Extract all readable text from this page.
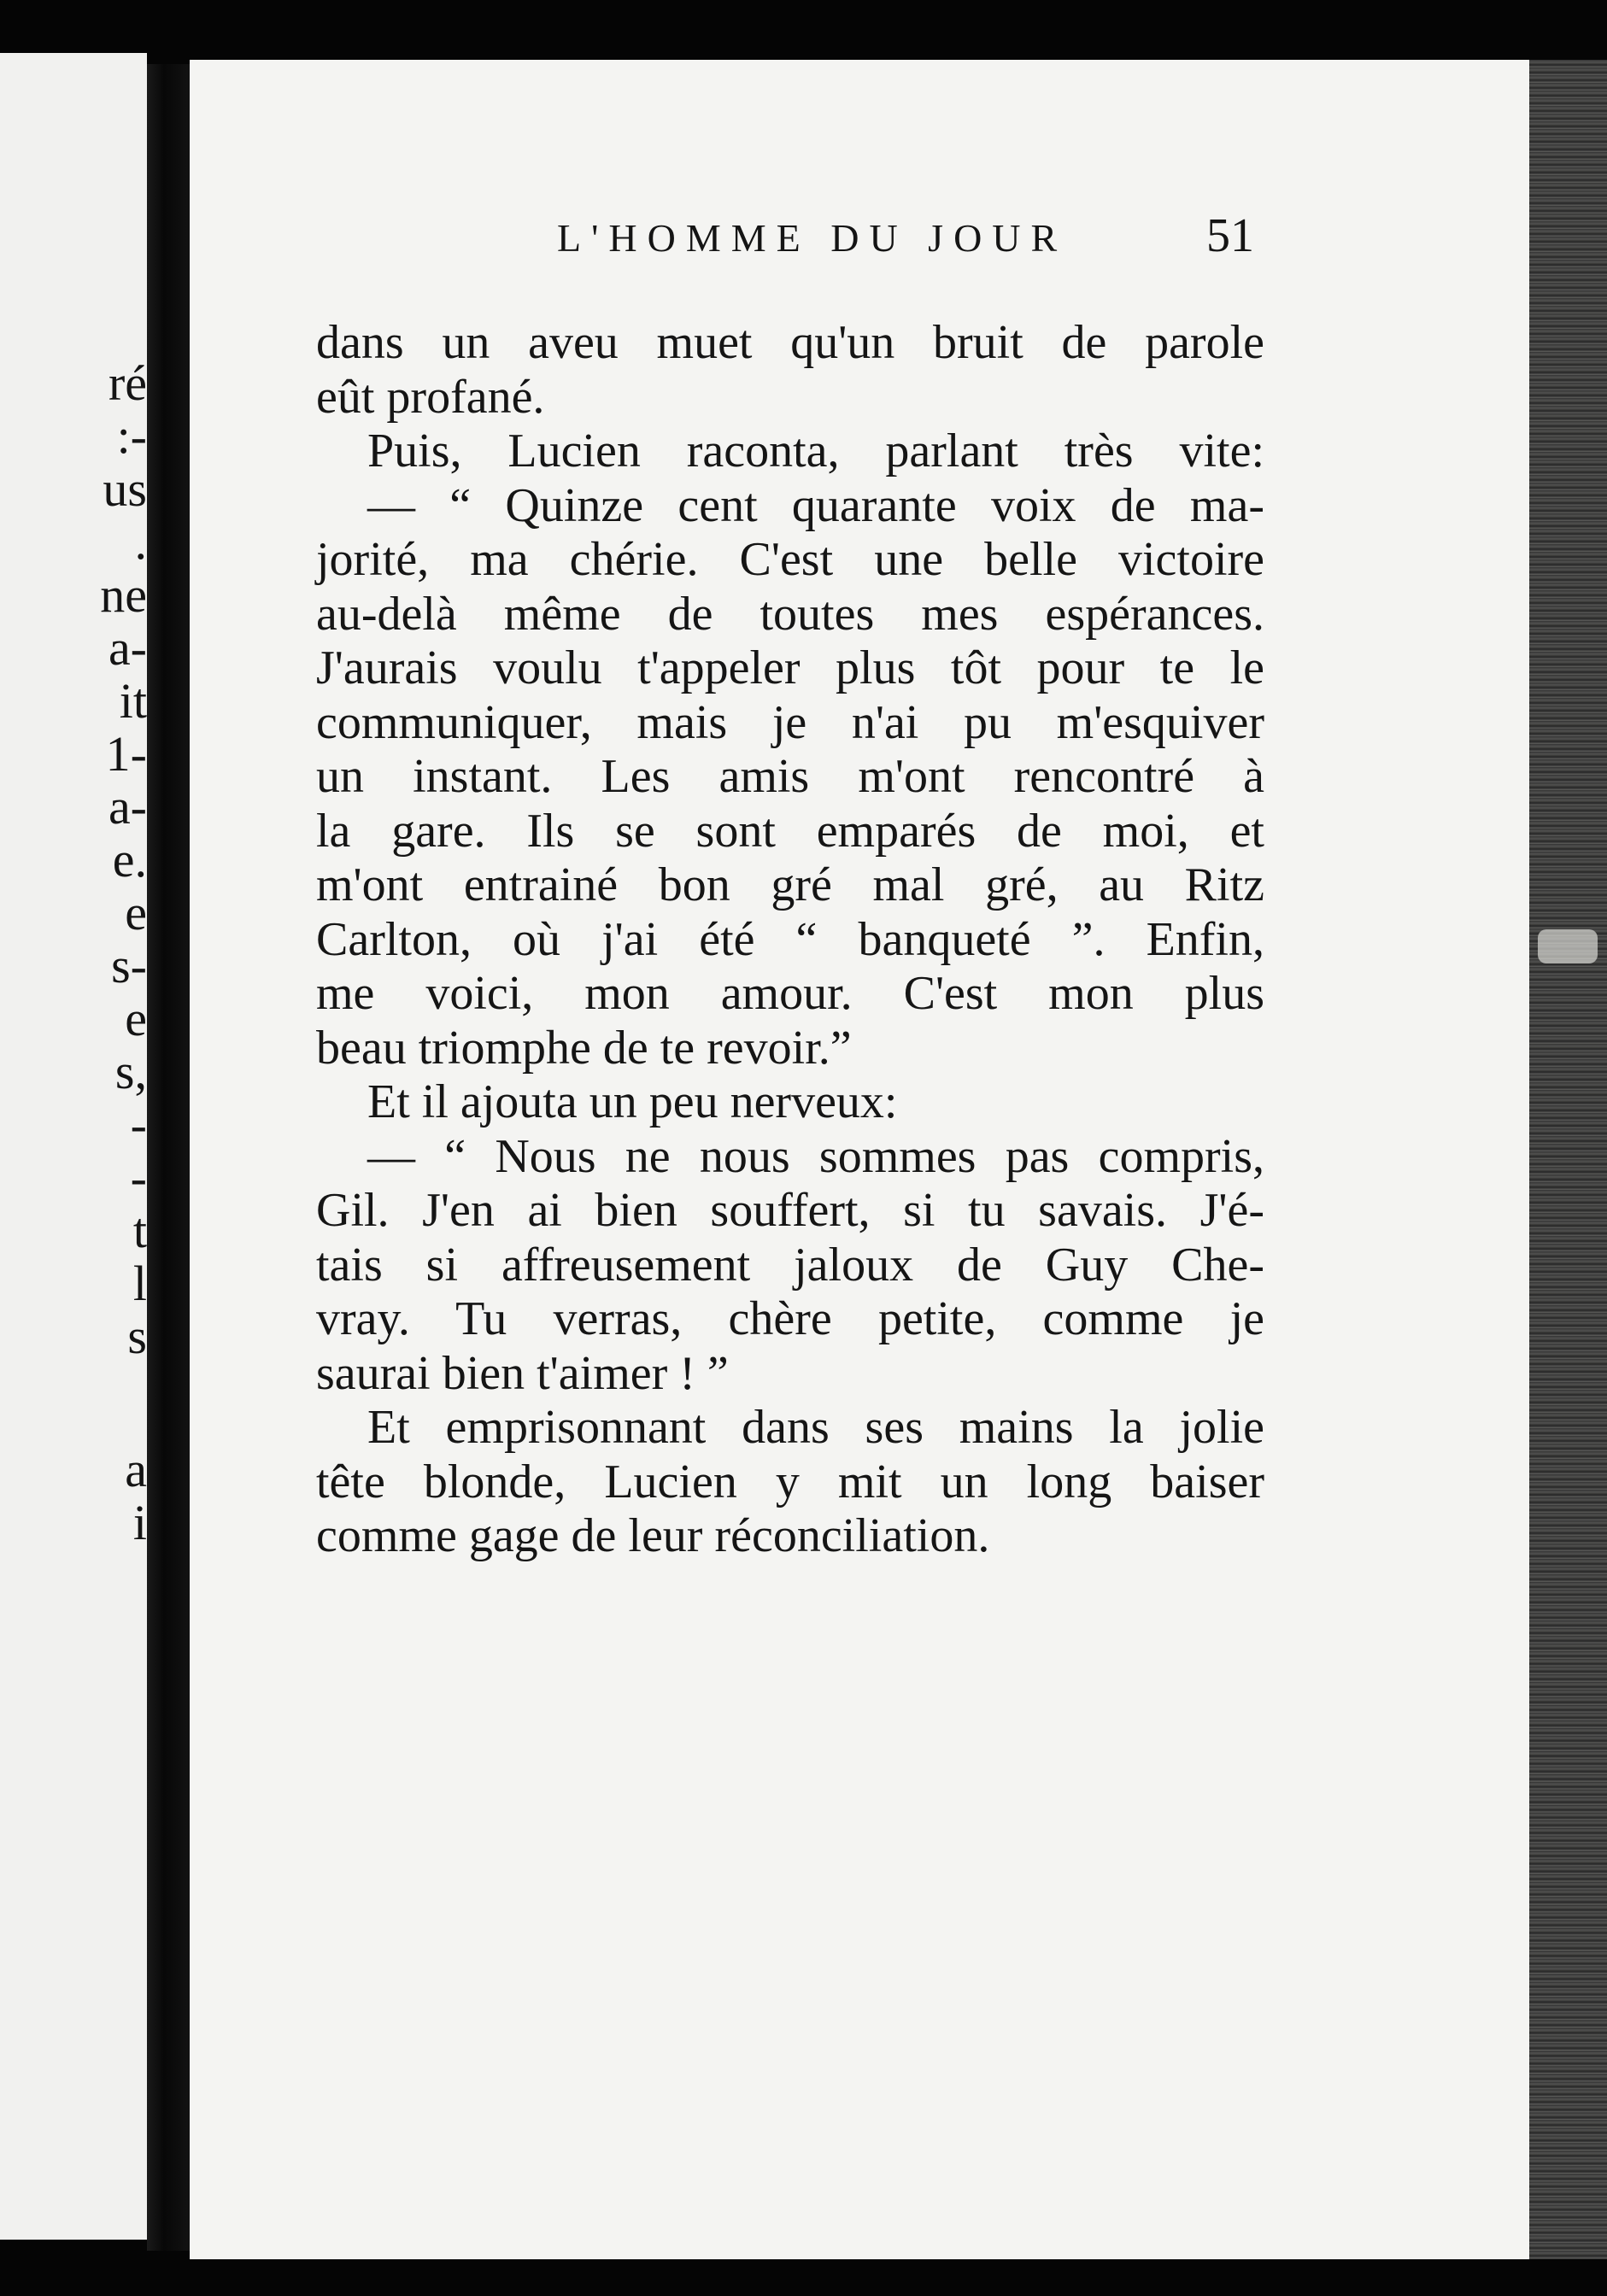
ré
:-
us
.
ne
a-
it
1-
a-
e.
e
s-
e
s,
-
-
t
l
s
a
i
L'HOMME DU JOUR	51
dans un aveu muet qu'un bruit de parole
eût profané.
Puis, Lucien raconta, parlant très vite:
— “ Quinze cent quarante voix de ma-
jorité, ma chérie. C'est une belle victoire
au-delà même de toutes mes espérances.
J'aurais voulu t'appeler plus tôt pour te le
communiquer, mais je n'ai pu m'esquiver
un instant. Les amis m'ont rencontré à
la gare. Ils se sont emparés de moi, et
m'ont entrainé bon gré mal gré, au Ritz
Carlton, où j'ai été “ banqueté ”. Enfin,
me voici, mon amour. C'est mon plus
beau triomphe de te revoir.”
Et il ajouta un peu nerveux:
— “ Nous ne nous sommes pas compris,
Gil. J'en ai bien souffert, si tu savais. J'é-
tais si affreusement jaloux de Guy Che-
vray. Tu verras, chère petite, comme je
saurai bien t'aimer ! ”
Et emprisonnant dans ses mains la jolie
tête blonde, Lucien y mit un long baiser
comme gage de leur réconciliation.
